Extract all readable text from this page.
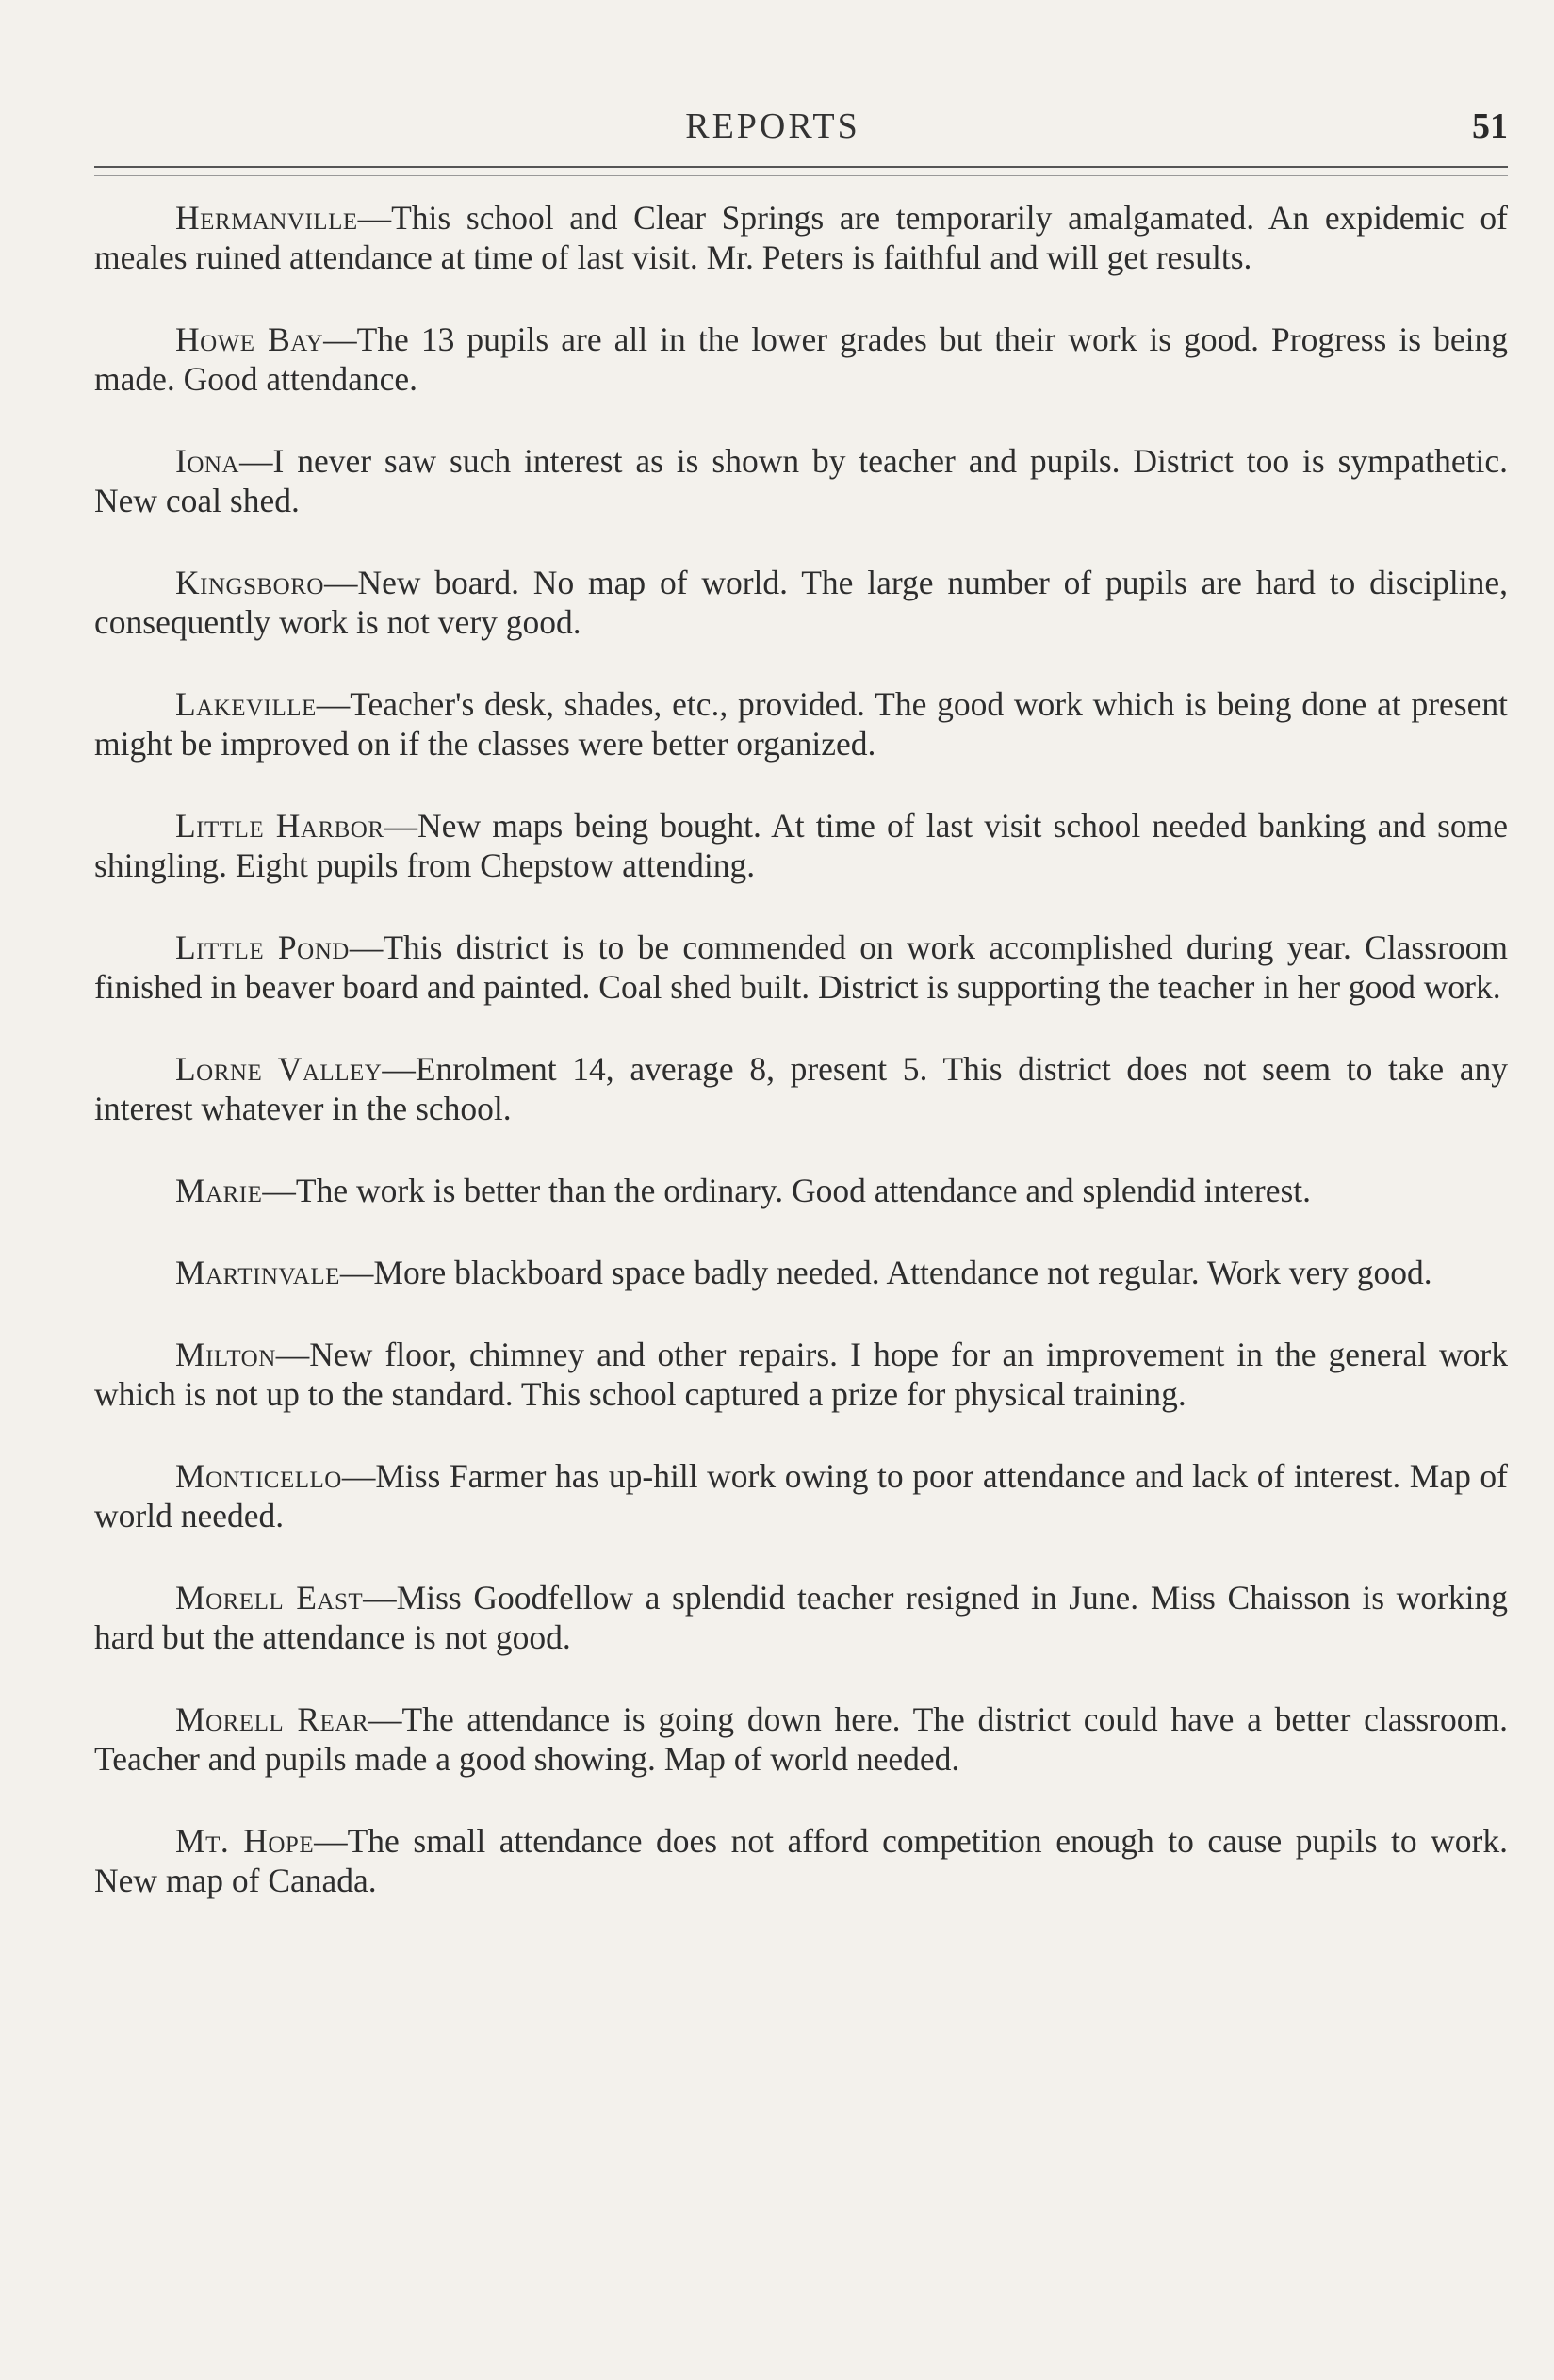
REPORTS	51

Hermanville—This school and Clear Springs are temporarily amalgamated. An expidemic of meales ruined attendance at time of last visit. Mr. Peters is faithful and will get results.

Howe Bay—The 13 pupils are all in the lower grades but their work is good. Progress is being made. Good attendance.

Iona—I never saw such interest as is shown by teacher and pupils. District too is sympathetic. New coal shed.

Kingsboro—New board. No map of world. The large number of pupils are hard to discipline, consequently work is not very good.

Lakeville—Teacher's desk, shades, etc., provided. The good work which is being done at present might be improved on if the classes were better organized.

Little Harbor—New maps being bought. At time of last visit school needed banking and some shingling. Eight pupils from Chepstow attending.

Little Pond—This district is to be commended on work accomplished during year. Classroom finished in beaver board and painted. Coal shed built. District is supporting the teacher in her good work.

Lorne Valley—Enrolment 14, average 8, present 5. This district does not seem to take any interest whatever in the school.

Marie—The work is better than the ordinary. Good attendance and splendid interest.

Martinvale—More blackboard space badly needed. Attendance not regular. Work very good.

Milton—New floor, chimney and other repairs. I hope for an improvement in the general work which is not up to the standard. This school captured a prize for physical training.

Monticello—Miss Farmer has up-hill work owing to poor attendance and lack of interest. Map of world needed.

Morell East—Miss Goodfellow a splendid teacher resigned in June. Miss Chaisson is working hard but the attendance is not good.

Morell Rear—The attendance is going down here. The district could have a better classroom. Teacher and pupils made a good showing. Map of world needed.

Mt. Hope—The small attendance does not afford competition enough to cause pupils to work. New map of Canada.
